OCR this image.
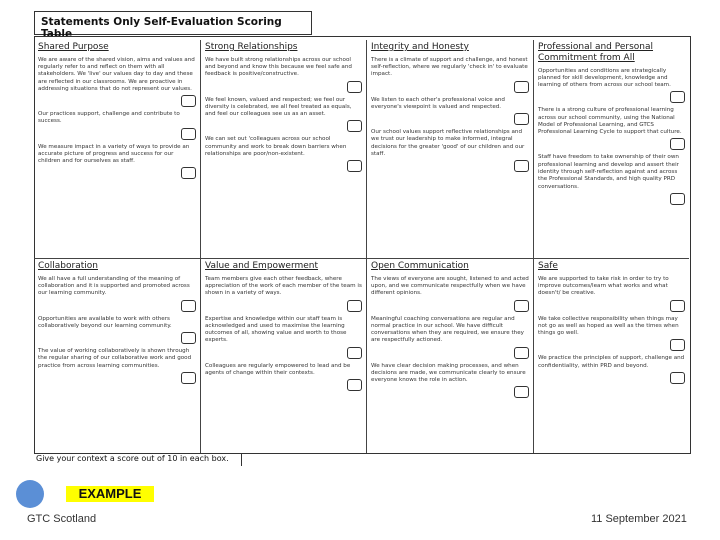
Statements Only Self-Evaluation Scoring Table
Shared Purpose
We are aware of the shared vision, aims and values and regularly refer to and reflect on them with all stakeholders. We 'live' our values day to day and these are reflected in our classrooms. We are proactive in addressing situations that do not represent our values.
Our practices support, challenge and contribute to success.
We measure impact in a variety of ways to provide an accurate picture of progress and success for our children and for ourselves as staff.
Strong Relationships
We have built strong relationships across our school and beyond and know this because we feel safe and feedback is positive/constructive.
We feel known, valued and respected; we feel our diversity is celebrated, we all feel treated as equals, and feel our colleagues see us as an asset.
We can set out 'colleagues across our school community and work to break down barriers when relationships are poor/non-existent.
Integrity and Honesty
There is a climate of support and challenge, and honest self-reflection, where we regularly 'check in' to evaluate impact.
We listen to each other's professional voice and everyone's viewpoint is valued and respected.
Our school values support reflective relationships and we trust our leadership to make informed, integral decisions for the greater 'good' of our children and our staff.
Professional and Personal Commitment from All
Opportunities and conditions are strategically planned for skill development, knowledge and learning of others from across our school team.
There is a strong culture of professional learning across our school community, using the National Model of Professional Learning, and GTCS Professional Learning Cycle to support that culture.
Staff have freedom to take ownership of their own professional learning and develop and assert their identity through self-reflection against and across the Professional Standards, and high quality PRD conversations.
Collaboration
We all have a full understanding of the meaning of collaboration and it is supported and promoted across our learning community.
Opportunities are available to work with others collaboratively beyond our learning community.
The value of working collaboratively is shown through the regular sharing of our collaborative work and good practice from across learning communities.
Value and Empowerment
Team members give each other feedback, where appreciation of the work of each member of the team is shown in a variety of ways.
Expertise and knowledge within our staff team is acknowledged and used to maximise the learning outcomes of all, showing value and worth to those experts.
Colleagues are regularly empowered to lead and be agents of change within their contexts.
Open Communication
The views of everyone are sought, listened to and acted upon, and we communicate respectfully when we have different opinions.
Meaningful coaching conversations are regular and normal practice in our school. We have difficult conversations when they are required, we ensure they are respectfully actioned.
We have clear decision making processes, and when decisions are made, we communicate clearly to ensure everyone knows the role in action.
Safe
We are supported to take risk in order to try to improve outcomes/learn what works and what doesn't/ be creative.
We take collective responsibility when things may not go as well as hoped as well as the times when things go well.
We practice the principles of support, challenge and confidentiality, within PRD and beyond.
Give your context a score out of 10 in each box.
EXAMPLE
GTC Scotland	11 September 2021
